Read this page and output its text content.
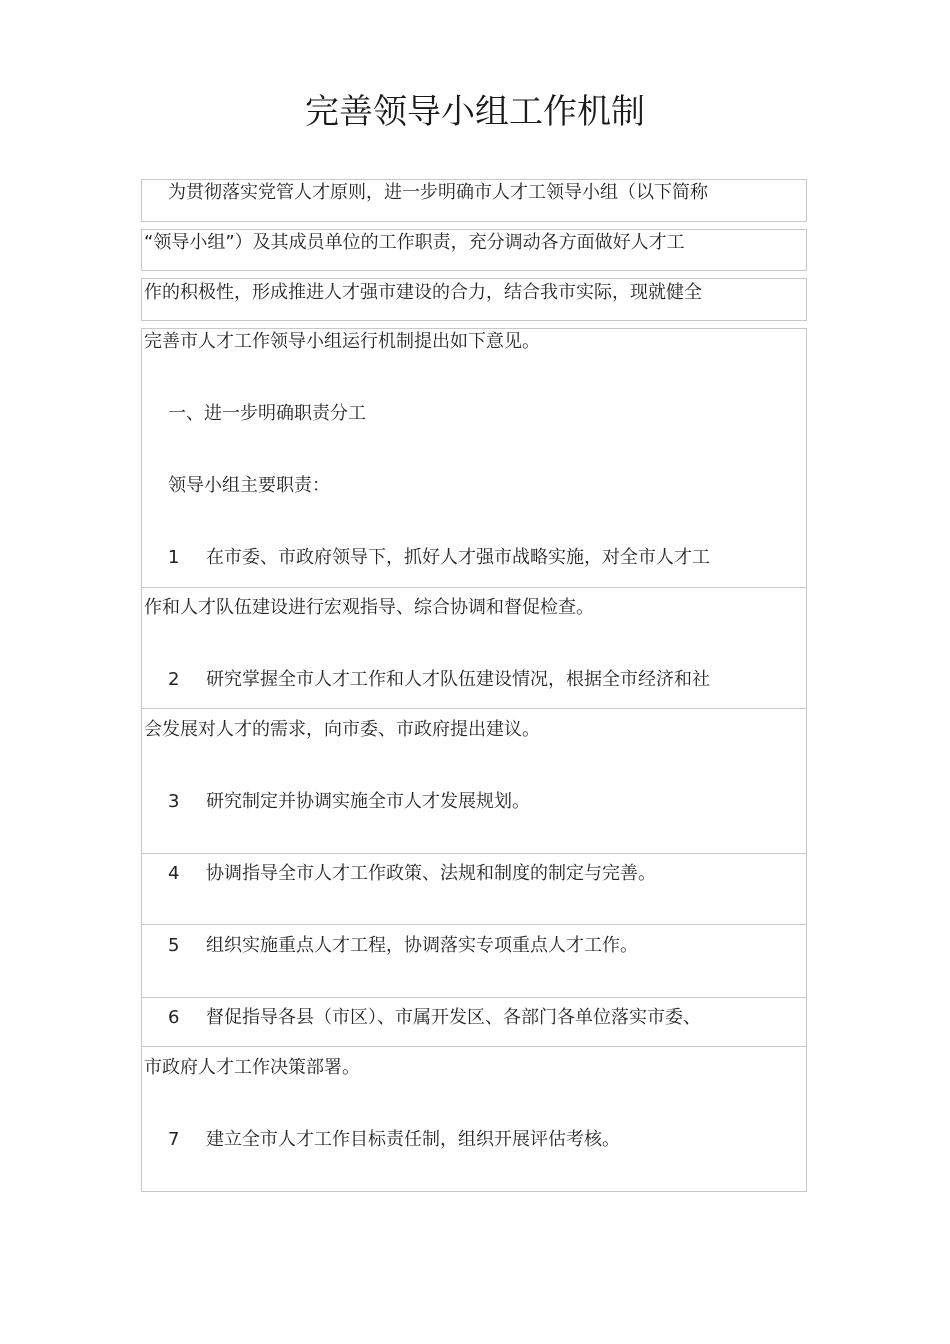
完善领导小组工作机制
为贯彻落实党管人才原则，进一步明确市人才工领导小组（以下简称
“领导小组”）及其成员单位的工作职责，充分调动各方面做好人才工
作的积极性，形成推进人才强市建设的合力，结合我市实际，现就健全
完善市人才工作领导小组运行机制提出如下意见。
一、进一步明确职责分工
领导小组主要职责：
1 在市委、市政府领导下，抓好人才强市战略实施，对全市人才工
作和人才队伍建设进行宏观指导、综合协调和督促检查。
2 研究掌握全市人才工作和人才队伍建设情况，根据全市经济和社
会发展对人才的需求，向市委、市政府提出建议。
3 研究制定并协调实施全市人才发展规划。
4 协调指导全市人才工作政策、法规和制度的制定与完善。
5 组织实施重点人才工程，协调落实专项重点人才工作。
6 督促指导各县（市区）、市属开发区、各部门各单位落实市委、
市政府人才工作决策部署。
7 建立全市人才工作目标责任制，组织开展评估考核。
